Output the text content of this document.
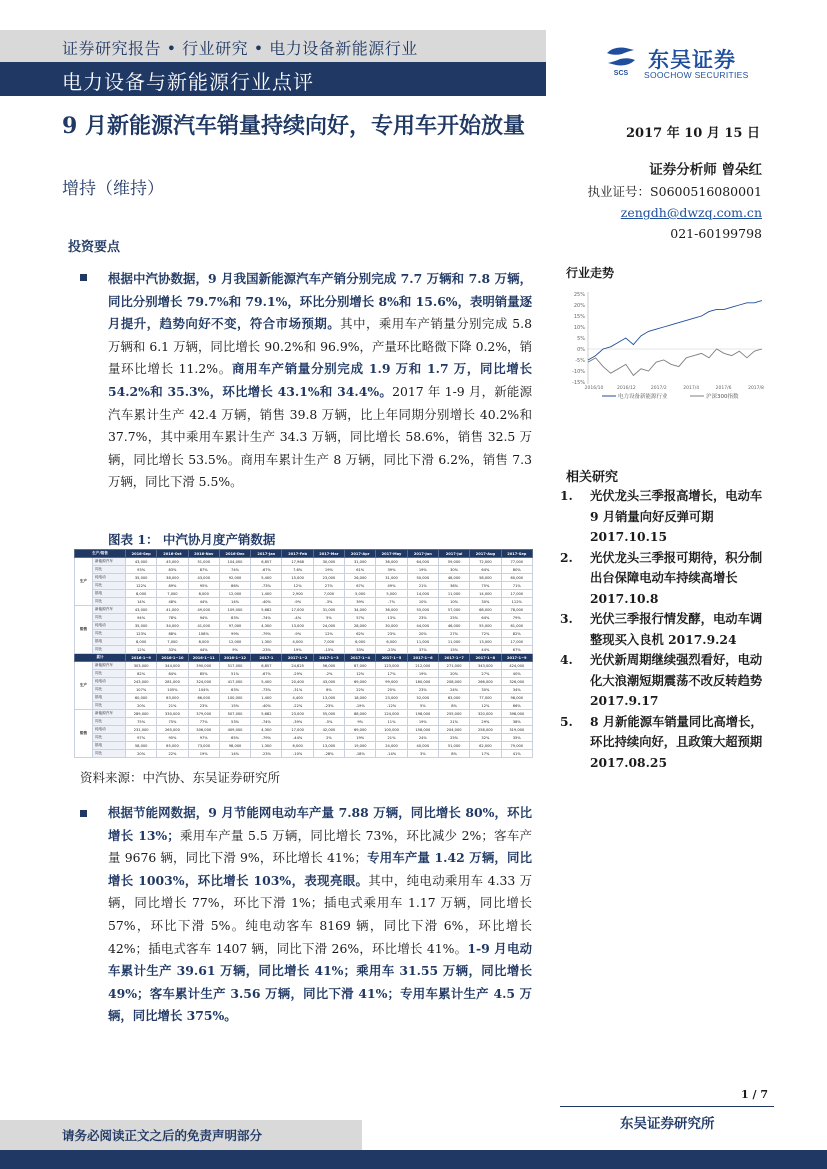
证券研究报告 • 行业研究 • 电力设备新能源行业
电力设备与新能源行业点评	SCS
东吴证券
SOOCHOW SECURITIES
9 月新能源汽车销量持续向好，专用车开始放量
增持（维持）
2017 年 10 月 15 日
证券分析师 曾朵红
执业证号：S0600516080001
zengdh@dwzq.com.cn
021-60199798
投资要点
根据中汽协数据，9 月我国新能源汽车产销分别完成 7.7 万辆和 7.8 万辆，同比分别增长 79.7%和 79.1%，环比分别增长 8%和 15.6%，表明销量逐月提升，趋势向好不变，符合市场预期。其中，乘用车产销量分别完成 5.8 万辆和 6.1 万辆，同比增长 90.2%和 96.9%，产量环比略微下降 0.2%，销量环比增长 11.2%。商用车产销量分别完成 1.9 万和 1.7 万，同比增长 54.2%和 35.3%，环比增长 43.1%和 34.4%。2017 年 1-9 月，新能源汽车累计生产 42.4 万辆，销售 39.8 万辆，比上年同期分别增长 40.2%和 37.7%，其中乘用车累计生产 34.3 万辆，同比增长 58.6%，销售 32.5 万辆，同比增长 53.5%。商用车累计生产 8 万辆，同比下滑 6.2%，销售 7.3 万辆，同比下滑 5.5%。
图表 1： 中汽协月度产销数据
生产/销售		2016-Sep	2016-Oct	2016-Nov	2016-Dec	2017-Jan	2017-Feb	2017-Mar	2017-Apr	2017-May	2017-Jun	2017-Jul	2017-Aug	2017-Sep
生产	新能源汽车	43,000	45,000	51,000	104,000	6,857	17,968	30,000	31,000	36,000	64,000	59,000	72,000	77,000
	同比	93%	83%	87%	74%	-67%	7.6%	19%	61%	39%	19%	30%	64%	80%
	纯电动	35,000	38,000	43,000	92,000	5,400	15,000	23,000	26,000	31,000	50,000	48,000	58,000	60,000
	同比	122%	89%	95%	86%	-73%	12%	27%	67%	49%	21%	36%	75%	71%
	插电	8,000	7,000	8,000	12,000	1,400	2,900	7,000	5,000	5,000	14,000	11,000	14,000	17,000
	同比	14%	48%	44%	14%	-40%	-9%	-3%	39%	-7%	10%	10%	30%	112%
销售	新能源汽车	43,000	41,000	49,000	109,000	5,682	17,000	31,000	34,000	36,000	55,000	57,000	68,000	78,000
	同比	94%	78%	94%	83%	-74%	-4%	5%	57%	13%	23%	25%	64%	79%
	纯电动	35,000	34,000	41,000	97,000	4,300	13,000	24,000	28,000	30,000	44,000	46,000	55,000	61,000
	同比	123%	88%	108%	99%	-79%	-9%	12%	62%	23%	20%	27%	72%	82%
	插电	8,000	7,000	8,000	12,000	1,300	4,000	7,000	6,000	6,000	11,000	11,000	13,000	17,000
	同比	12%	33%	44%	9%	-23%	19%	-15%	33%	-23%	37%	15%	44%	67%
累计		2016-1~9	2016-1~10	2016-1~11	2016-1~12	2017-1	2017-1~2	2017-1~3	2017-1~4	2017-1~5	2017-1~6	2017-1~7	2017-1~8	2017-1~9
生产	新能源汽车	303,000	344,000	390,000	517,000	6,857	24,825	56,000	87,000	123,000	212,000	271,000	343,000	424,000
	同比	82%	84%	85%	51%	-67%	-29%	-2%	12%	17%	19%	20%	27%	40%
	纯电动	243,000	281,000	324,000	417,000	5,400	20,400	43,000	69,000	99,000	160,000	208,000	266,000	326,000
	同比	107%	105%	104%	63%	-73%	-31%	6%	22%	25%	23%	24%	30%	34%
	插电	60,000	63,000	66,000	100,000	1,400	4,400	13,000	18,000	23,000	52,000	63,000	77,000	98,000
	同比	20%	21%	23%	15%	-40%	-22%	-23%	-19%	-12%	5%	8%	12%	66%
销售	新能源汽车	289,000	330,000	379,000	507,000	5,682	23,000	55,000	88,000	124,000	198,000	255,000	320,000	398,000
	同比	75%	75%	77%	53%	-74%	-39%	-5%	9%	11%	19%	21%	29%	38%
	纯电动	231,000	265,000	306,000	409,000	4,300	17,000	42,000	69,000	100,000	158,000	204,000	258,000	319,000
	同比	97%	95%	97%	65%	-79%	-44%	2%	19%	21%	24%	25%	32%	35%
	插电	58,000	65,000	73,000	98,000	1,300	6,000	13,000	19,000	24,000	40,000	51,000	62,000	79,000
	同比	20%	22%	19%	14%	-23%	-10%	-28%	-18%	-14%	3%	8%	17%	41%
资料来源：中汽协、东吴证券研究所
根据节能网数据，9 月节能网电动车产量 7.88 万辆，同比增长 80%，环比增长 13%；乘用车产量 5.5 万辆，同比增长 73%，环比减少 2%；客车产量 9676 辆，同比下滑 9%，环比增长 41%；专用车产量 1.42 万辆，同比增长 1003%，环比增长 103%，表现亮眼。其中，纯电动乘用车 4.33 万辆，同比增长 77%，环比下滑 1%；插电式乘用车 1.17 万辆，同比增长 57%，环比下滑 5%。纯电动客车 8169 辆，同比下滑 6%，环比增长 42%；插电式客车 1407 辆，同比下滑 26%，环比增长 41%。1-9 月电动车累计生产 39.61 万辆，同比增长 41%；乘用车 31.55 万辆，同比增长 49%；客车累计生产 3.56 万辆，同比下滑 41%；专用车累计生产 4.5 万辆，同比增长 375%。
行业走势
25%
20%
15%
10%
5%
0%
-5%
-10%
-15%
2016/10	2016/12	2017/2	2017/4	2017/6	2017/8
电力设备新能源行业	沪深300指数
相关研究
1. 光伏龙头三季报高增长，电动车 9 月销量向好反弹可期 2017.10.15
2. 光伏龙头三季报可期待，积分制出台保障电动车持续高增长 2017.10.8
3. 光伏三季报行情发酵，电动车调整现买入良机 2017.9.24
4. 光伏新周期继续强烈看好，电动化大浪潮短期震荡不改反转趋势 2017.9.17
5. 8 月新能源车销量同比高增长，环比持续向好，且政策大超预期 2017.08.25
1 / 7
东吴证券研究所
请务必阅读正文之后的免责声明部分
